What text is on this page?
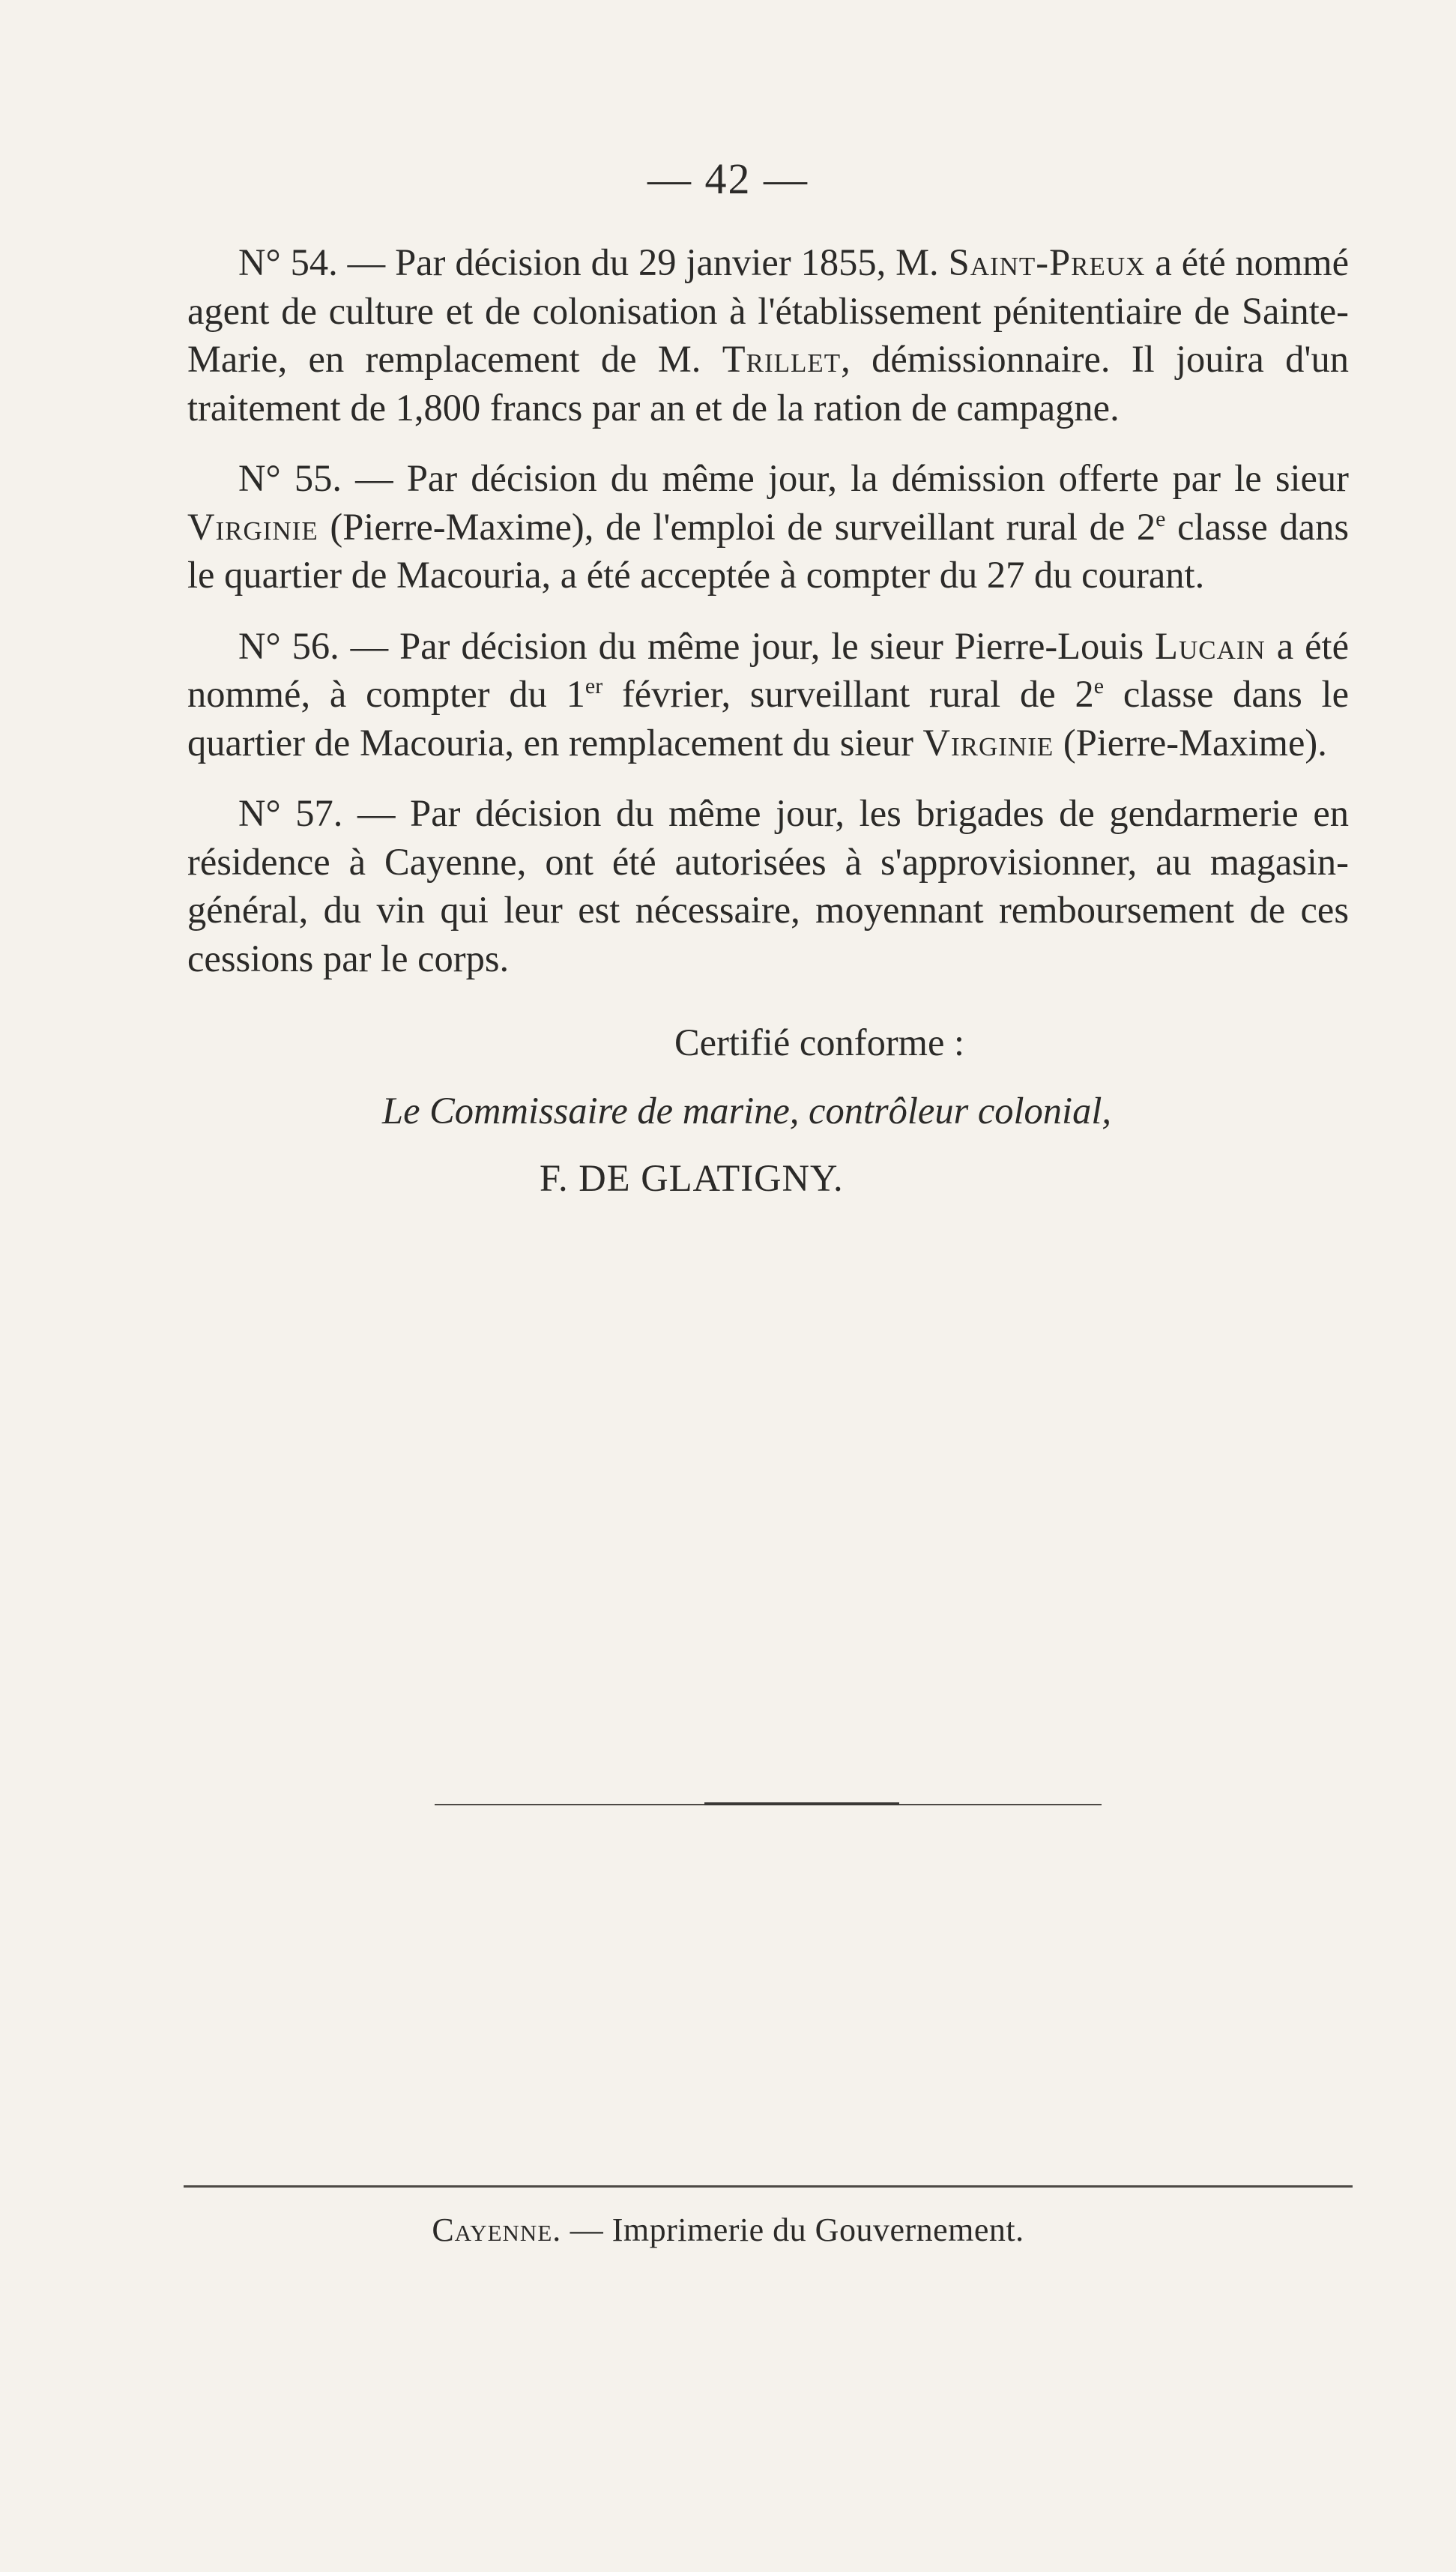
— 42 —

N° 54. — Par décision du 29 janvier 1855, M. Saint-Preux a été nommé agent de culture et de colonisation à l'établissement pénitentiaire de Sainte-Marie, en remplacement de M. Trillet, démissionnaire. Il jouira d'un traitement de 1,800 francs par an et de la ration de campagne.

N° 55. — Par décision du même jour, la démission offerte par le sieur Virginie (Pierre-Maxime), de l'emploi de surveillant rural de 2e classe dans le quartier de Macouria, a été acceptée à compter du 27 du courant.

N° 56. — Par décision du même jour, le sieur Pierre-Louis Lucain a été nommé, à compter du 1er février, surveillant rural de 2e classe dans le quartier de Macouria, en remplacement du sieur Virginie (Pierre-Maxime).

N° 57. — Par décision du même jour, les brigades de gendarmerie en résidence à Cayenne, ont été autorisées à s'approvisionner, au magasin-général, du vin qui leur est nécessaire, moyennant remboursement de ces cessions par le corps.

Certifié conforme :

Le Commissaire de marine, contrôleur colonial,

F. DE GLATIGNY.

Cayenne. — Imprimerie du Gouvernement.
